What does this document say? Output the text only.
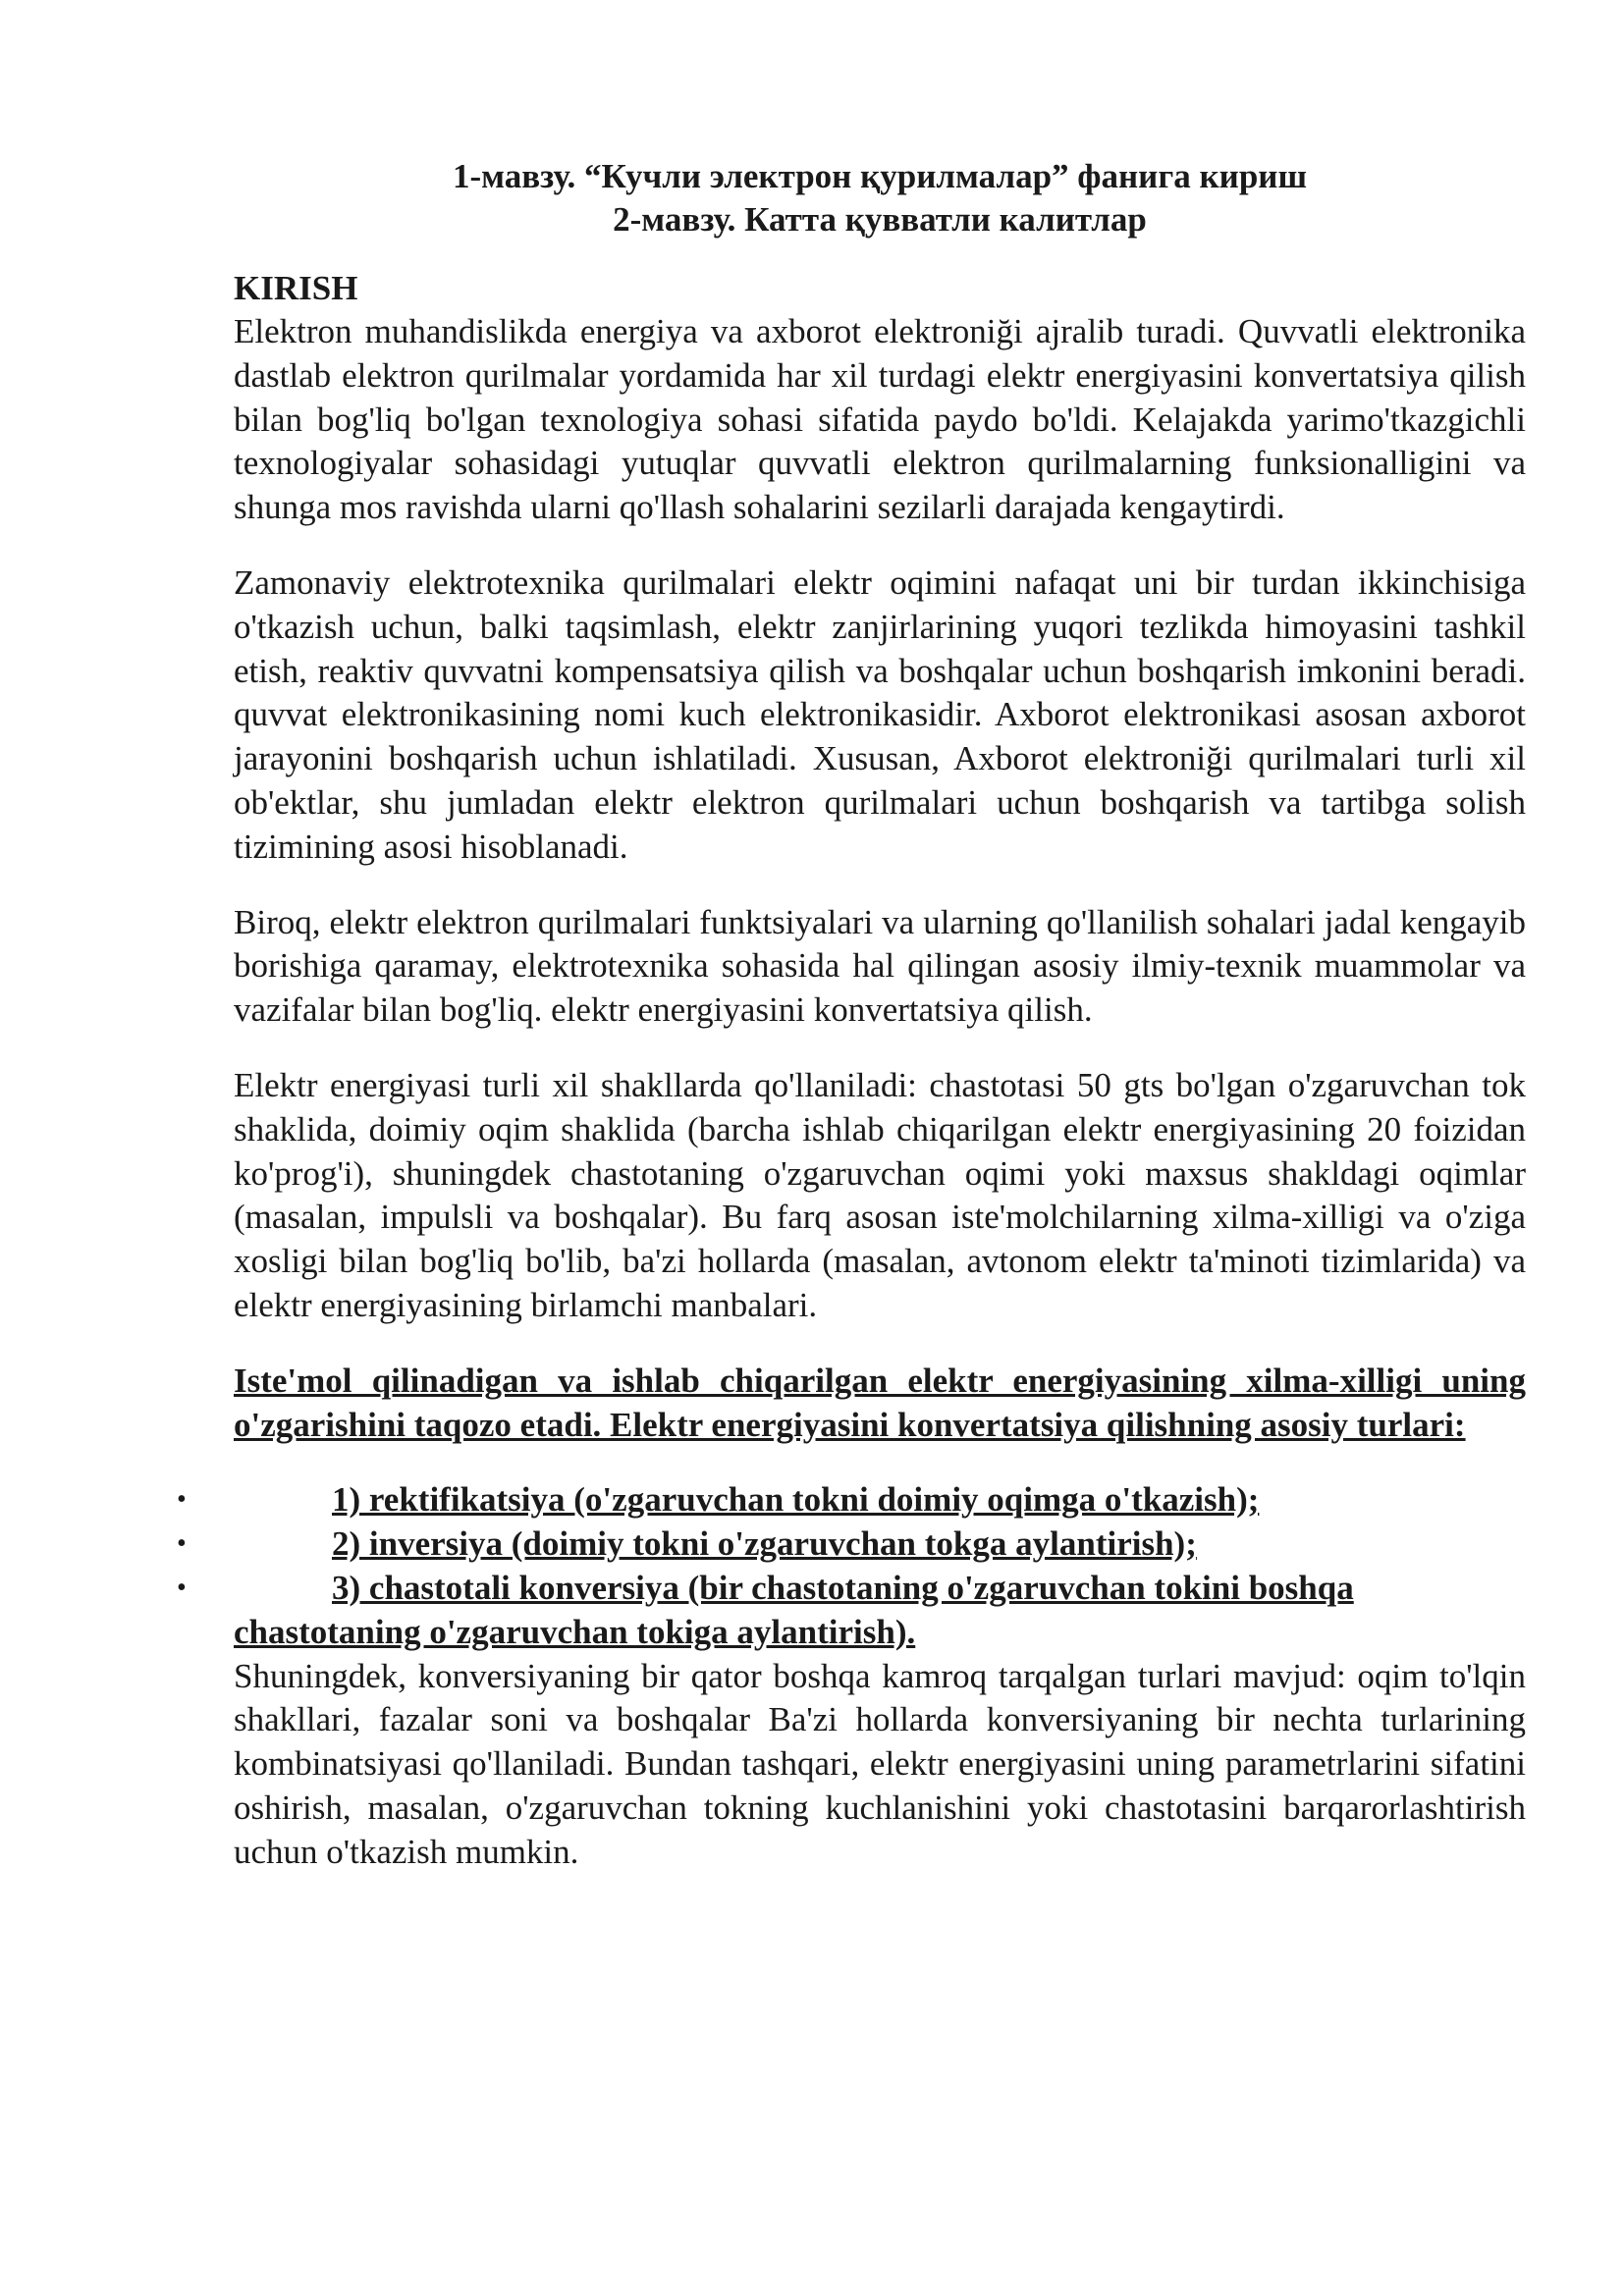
1-мавзу. “Кучли электрон қурилмалар” фанига кириш

2-мавзу. Катта қувватли калитлар

KIRISH

Elektron muhandislikda energiya va axborot elektroniği ajralib turadi. Quvvatli elektronika dastlab elektron qurilmalar yordamida har xil turdagi elektr energiyasini konvertatsiya qilish bilan bog'liq bo'lgan texnologiya sohasi sifatida paydo bo'ldi. Kelajakda yarimo'tkazgichli texnologiyalar sohasidagi yutuqlar quvvatli elektron qurilmalarning funksionalligini va shunga mos ravishda ularni qo'llash sohalarini sezilarli darajada kengaytirdi.

Zamonaviy elektrotexnika qurilmalari elektr oqimini nafaqat uni bir turdan ikkinchisiga o'tkazish uchun, balki taqsimlash, elektr zanjirlarining yuqori tezlikda himoyasini tashkil etish, reaktiv quvvatni kompensatsiya qilish va boshqalar uchun boshqarish imkonini beradi. quvvat elektronikasining nomi kuch elektronikasidir. Axborot elektronikasi asosan axborot jarayonini boshqarish uchun ishlatiladi. Xususan, Axborot elektroniği qurilmalari turli xil ob'ektlar, shu jumladan elektr elektron qurilmalari uchun boshqarish va tartibga solish tizimining asosi hisoblanadi.

Biroq, elektr elektron qurilmalari funktsiyalari va ularning qo'llanilish sohalari jadal kengayib borishiga qaramay, elektrotexnika sohasida hal qilingan asosiy ilmiy-texnik muammolar va vazifalar bilan bog'liq. elektr energiyasini konvertatsiya qilish.

Elektr energiyasi turli xil shakllarda qo'llaniladi: chastotasi 50 gts bo'lgan o'zgaruvchan tok shaklida, doimiy oqim shaklida (barcha ishlab chiqarilgan elektr energiyasining 20 foizidan ko'prog'i), shuningdek chastotaning o'zgaruvchan oqimi yoki maxsus shakldagi oqimlar (masalan, impulsli va boshqalar). Bu farq asosan iste'molchilarning xilma-xilligi va o'ziga xosligi bilan bog'liq bo'lib, ba'zi hollarda (masalan, avtonom elektr ta'minoti tizimlarida) va elektr energiyasining birlamchi manbalari.

Iste'mol qilinadigan va ishlab chiqarilgan elektr energiyasining xilma-xilligi uning o'zgarishini taqozo etadi. Elektr energiyasini konvertatsiya qilishning asosiy turlari:

•	1) rektifikatsiya (o'zgaruvchan tokni doimiy oqimga o'tkazish);
•	2) inversiya (doimiy tokni o'zgaruvchan tokga aylantirish);
•	3) chastotali konversiya (bir chastotaning o'zgaruvchan tokini boshqa chastotaning o'zgaruvchan tokiga aylantirish).

Shuningdek, konversiyaning bir qator boshqa kamroq tarqalgan turlari mavjud: oqim to'lqin shakllari, fazalar soni va boshqalar Ba'zi hollarda konversiyaning bir nechta turlarining kombinatsiyasi qo'llaniladi. Bundan tashqari, elektr energiyasini uning parametrlarini sifatini oshirish, masalan, o'zgaruvchan tokning kuchlanishini yoki chastotasini barqarorlashtirish uchun o'tkazish mumkin.
